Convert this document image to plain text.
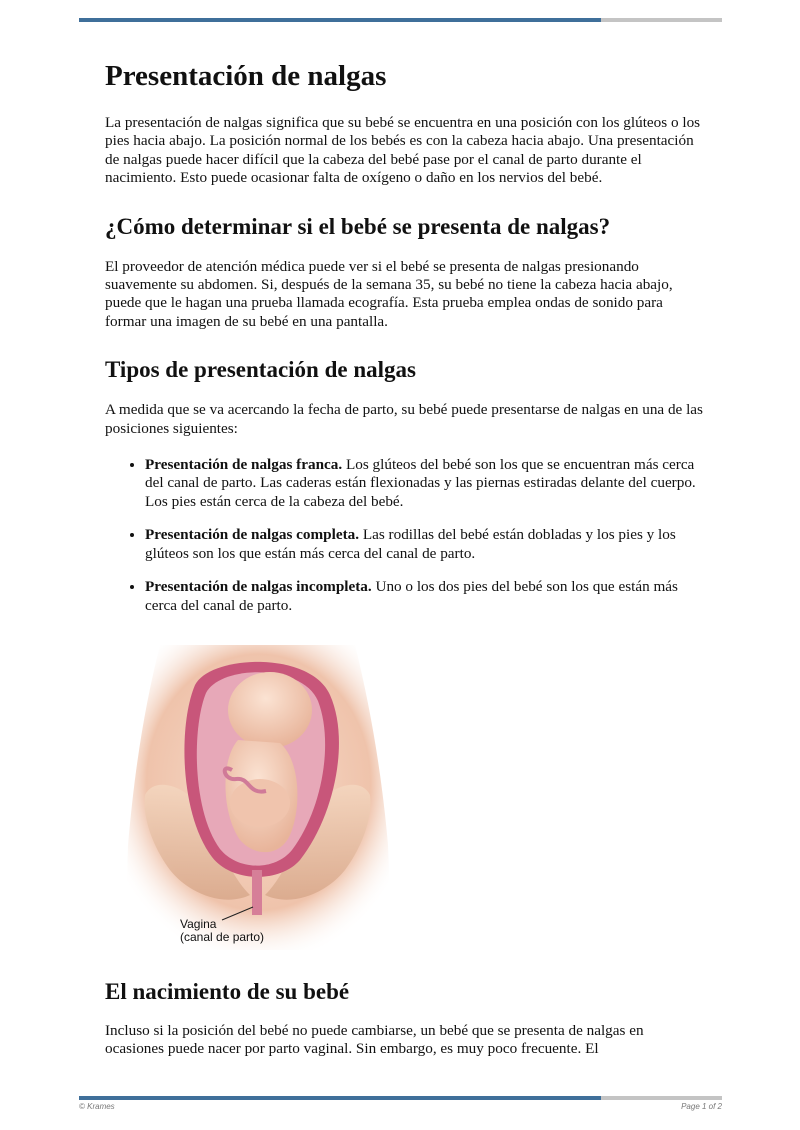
Presentación de nalgas

La presentación de nalgas significa que su bebé se encuentra en una posición con los glúteos o los pies hacia abajo. La posición normal de los bebés es con la cabeza hacia abajo. Una presentación de nalgas puede hacer difícil que la cabeza del bebé pase por el canal de parto durante el nacimiento. Esto puede ocasionar falta de oxígeno o daño en los nervios del bebé.

¿Cómo determinar si el bebé se presenta de nalgas?

El proveedor de atención médica puede ver si el bebé se presenta de nalgas presionando suavemente su abdomen. Si, después de la semana 35, su bebé no tiene la cabeza hacia abajo, puede que le hagan una prueba llamada ecografía. Esta prueba emplea ondas de sonido para formar una imagen de su bebé en una pantalla.

Tipos de presentación de nalgas

A medida que se va acercando la fecha de parto, su bebé puede presentarse de nalgas en una de las posiciones siguientes:

• Presentación de nalgas franca. Los glúteos del bebé son los que se encuentran más cerca del canal de parto. Las caderas están flexionadas y las piernas estiradas delante del cuerpo. Los pies están cerca de la cabeza del bebé.
• Presentación de nalgas completa. Las rodillas del bebé están dobladas y los pies y los glúteos son los que están más cerca del canal de parto.
• Presentación de nalgas incompleta. Uno o los dos pies del bebé son los que están más cerca del canal de parto.
Vagina
(canal de parto)
El nacimiento de su bebé

Incluso si la posición del bebé no puede cambiarse, un bebé que se presenta de nalgas en ocasiones puede nacer por parto vaginal. Sin embargo, es muy poco frecuente. El

© Krames	Page 1 of 2
